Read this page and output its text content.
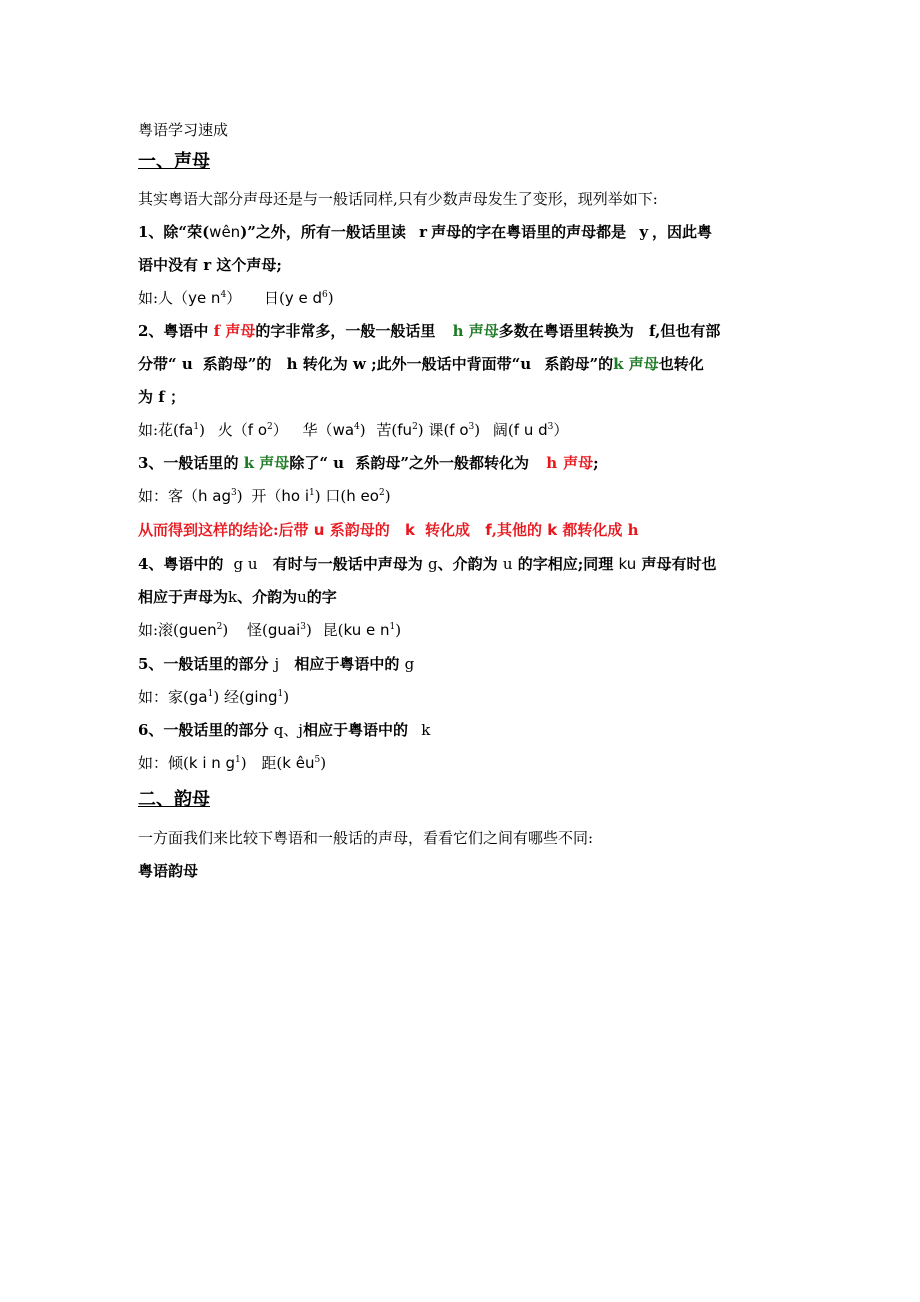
粤语学习速成
一、声母
其实粤语大部分声母还是与一般话同样,只有少数声母发生了变形，现列举如下:
1、除“荣(wên)”之外，所有一般话里读 r 声母的字在粤语里的声母都是 y ，因此粤
语中没有 r 这个声母;
如:人（ye $n^4$） 日(y e $d^6$)
2、粤语中 f 声母的字非常多，一般一般话里 h 声母多数在粤语里转换为 f,但也有部
分带“ u 系韵母”的 h 转化为 w ;此外一般话中背面带“u 系韵母”的k 声母也转化
为 f ；
如:花$(fa^1)$ 火（f $o^2$） 华$(wa^4)$ 苦$(fu^2)$ 课(f $o^3$) 阔(f u $d^3$）
3、一般话里的 k 声母除了“ u 系韵母”之外一般都转化为 h 声母;
如：客（h $ag^3$) 开（ho $i^1$) 口(h $eo^2$)
从而得到这样的结论:后带 u 系韵母的 k 转化成 f,其他的 k 都转化成 h
4、粤语中的 g u 有时与一般话中声母为 g、介韵为 u 的字相应;同理 ku 声母有时也
相应于声母为k、介韵为u的字
如:滚(guen$^2$) 怪(guai$^3$) 昆(ku e $n^1$)
5、一般话里的部分 j 相应于粤语中的 g
如：家$(ga^1)$ 经(ging$^1$)
6、一般话里的部分 q、j相应于粤语中的 k
如：倾(k i n $g^1$) 距(k $êu^5$)
二、韵母
一方面我们来比较下粤语和一般话的声母，看看它们之间有哪些不同:
粤语韵母
